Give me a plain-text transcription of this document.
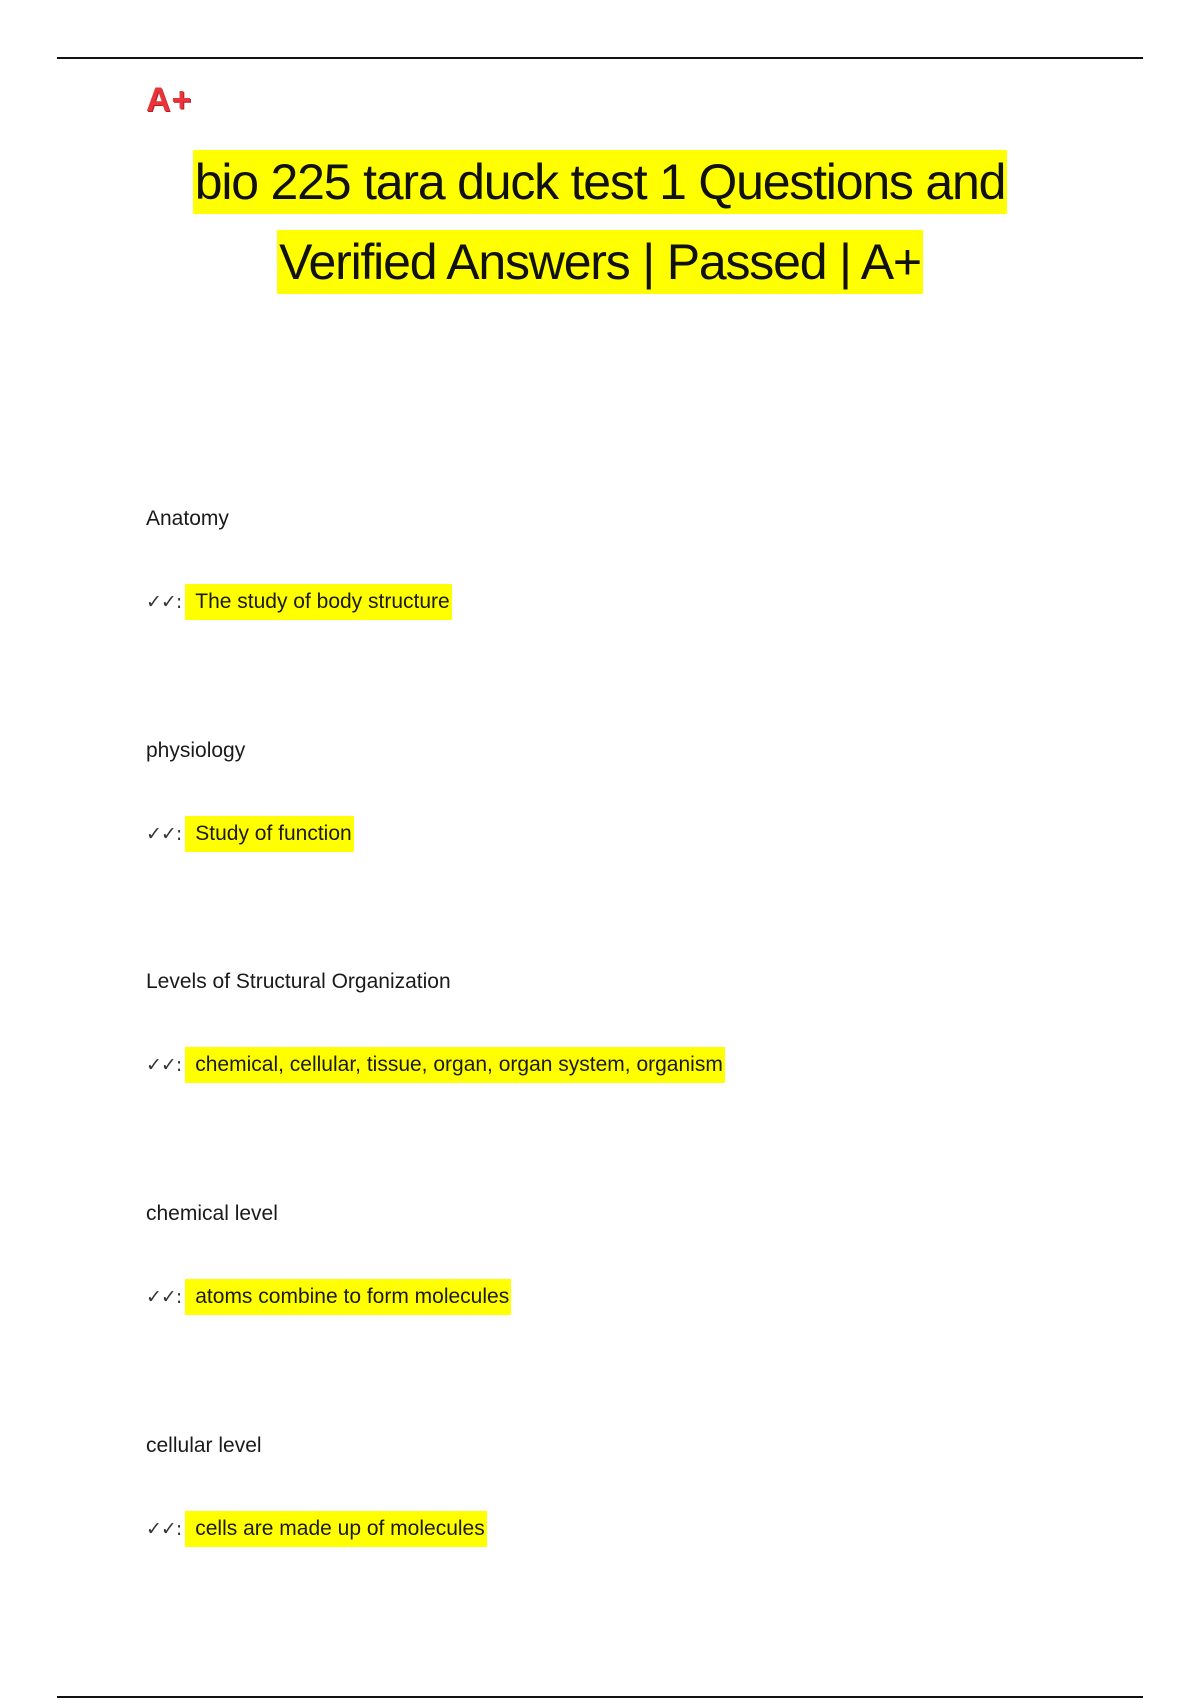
A+
bio 225 tara duck test 1 Questions and
Verified Answers | Passed | A+
Anatomy
✓✓: The study of body structure
physiology
✓✓: Study of function
Levels of Structural Organization
✓✓: chemical, cellular, tissue, organ, organ system, organism
chemical level
✓✓: atoms combine to form molecules
cellular level
✓✓: cells are made up of molecules
